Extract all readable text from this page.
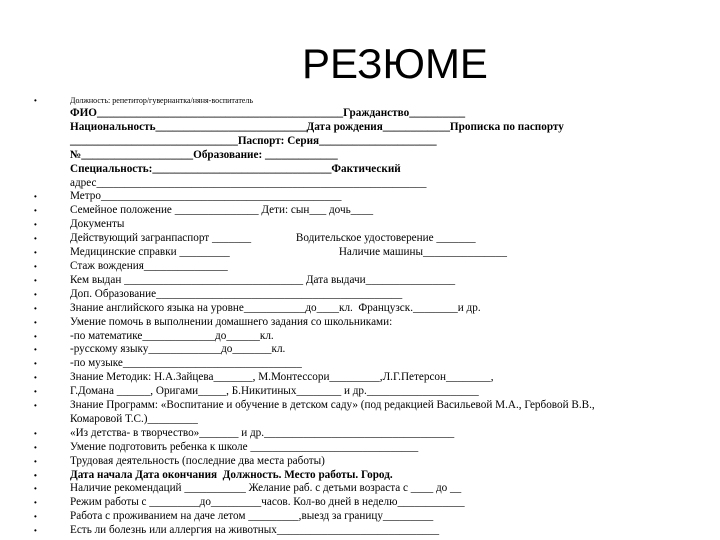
РЕЗЮМЕ
•	Должность: репетитор/гувернантка/няня-воспитатель
ФИО____________________________________________Гражданство__________
Национальность___________________________Дата рождения____________Прописка по паспорту
______________________________Паспорт: Серия_____________________
№____________________Образование: _____________
Специальность:________________________________Фактический
адрес___________________________________________________________
•	Метро___________________________________________
•	Семейное положение _______________ Дети: сын___ дочь____
•	Документы
•	Действующий загранпаспорт _______                Водительское удостоверение _______
•	Медицинские справки _________                                       Наличие машины_______________
•	Стаж вождения_______________
•	Кем выдан ________________________________ Дата выдачи________________
•	Доп. Образование____________________________________________
•	Знание английского языка на уровне___________до____кл.  Французск.________и др.
•	Умение помочь в выполнении домашнего задания со школьниками:
•	-по математике_____________до______кл.
•	-русскому языку_____________до_______кл.
•	-по музыке________________________________
•	Знание Методик: Н.А.Зайцева_______, М.Монтессори_________,Л.Г.Петерсон________,
•	Г.Домана ______, Оригами_____, Б.Никитиных________ и др.____________________
•	Знание Программ: «Воспитание и обучение в детском саду» (под редакцией Васильевой М.А., Гербовой В.В.,
Комаровой Т.С.)_________
•	«Из детства- в творчество»_______ и др.__________________________________
•	Умение подготовить ребенка к школе ______________________________
•	Трудовая деятельность (последние два места работы)
•	Дата начала Дата окончания  Должность. Место работы. Город.
•	Наличие рекомендаций ___________ Желание раб. с детьми возраста с ____ до __
•	Режим работы с _________до_________часов. Кол-во дней в неделю____________
•	Работа с проживанием на даче летом _________,выезд за границу_________
•	Есть ли болезнь или аллергия на животных_____________________________
